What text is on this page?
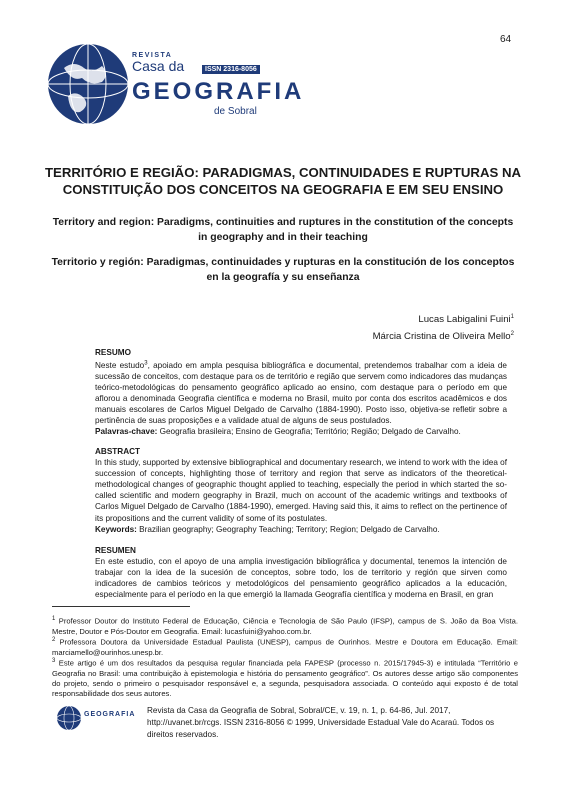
64
REVISTA
Casa da	ISSN 2316-8056
GEOGRAFIA
de Sobral
TERRITÓRIO E REGIÃO: PARADIGMAS, CONTINUIDADES E RUPTURAS NA CONSTITUIÇÃO DOS CONCEITOS NA GEOGRAFIA E EM SEU ENSINO
Territory and region: Paradigms, continuities and ruptures in the constitution of the concepts in geography and in their teaching
Territorio y región: Paradigmas, continuidades y rupturas en la constitución de los conceptos en la geografía y su enseñanza
Lucas Labigalini Fuini$^1$
Márcia Cristina de Oliveira Mello$^2$
RESUMO
Neste estudo$^3$, apoiado em ampla pesquisa bibliográfica e documental, pretendemos trabalhar com a ideia de sucessão de conceitos, com destaque para os de território e região que servem como indicadores das mudanças teórico-metodológicas do pensamento geográfico aplicado ao ensino, com destaque para o período em que aflorou a denominada Geografia científica e moderna no Brasil, muito por conta dos escritos acadêmicos e dos manuais escolares de Carlos Miguel Delgado de Carvalho (1884-1990). Posto isso, objetiva-se refletir sobre a pertinência de suas proposições e a validade atual de alguns de seus postulados.
Palavras-chave: Geografia brasileira; Ensino de Geografia; Território; Região; Delgado de Carvalho.
ABSTRACT
In this study, supported by extensive bibliographical and documentary research, we intend to work with the idea of succession of concepts, highlighting those of territory and region that serve as indicators of the theoretical-methodological changes of geographic thought applied to teaching, especially the period in which started the so-called scientific and modern geography in Brazil, much on account of the academic writings and textbooks of Carlos Miguel Delgado de Carvalho (1884-1990), emerged. Having said this, it aims to reflect on the pertinence of its propositions and the current validity of some of its postulates.
Keywords: Brazilian geography; Geography Teaching; Territory; Region; Delgado de Carvalho.
RESUMEN
En este estudio, con el apoyo de una amplia investigación bibliográfica y documental, tenemos la intención de trabajar con la idea de la sucesión de conceptos, sobre todo, los de territorio y región que sirven como indicadores de cambios teóricos y metodológicos del pensamiento geográfico aplicados a la educación, especialmente para el período en la que emergió la llamada Geografía científica y moderna en Brasil, en gran
$^1$ Professor Doutor do Instituto Federal de Educação, Ciência e Tecnologia de São Paulo (IFSP), campus de S. João da Boa Vista. Mestre, Doutor e Pós-Doutor em Geografia. Email: lucasfuini@yahoo.com.br.
$^2$ Professora Doutora da Universidade Estadual Paulista (UNESP), campus de Ourinhos. Mestre e Doutora em Educação. Email: marciamello@ourinhos.unesp.br.
$^3$ Este artigo é um dos resultados da pesquisa regular financiada pela FAPESP (processo n. 2015/17945-3) e intitulada “Território e Geografia no Brasil: uma contribuição à epistemologia e história do pensamento geográfico”. Os autores desse artigo são componentes do projeto, sendo o primeiro o pesquisador responsável e, a segunda, pesquisadora associada. O conteúdo aqui exposto é de total responsabilidade dos seus autores.
GEOGRAFIA Revista da Casa da Geografia de Sobral, Sobral/CE, v. 19, n. 1, p. 64-86, Jul. 2017, http://uvanet.br/rcgs. ISSN 2316-8056 © 1999, Universidade Estadual Vale do Acaraú. Todos os direitos reservados.
